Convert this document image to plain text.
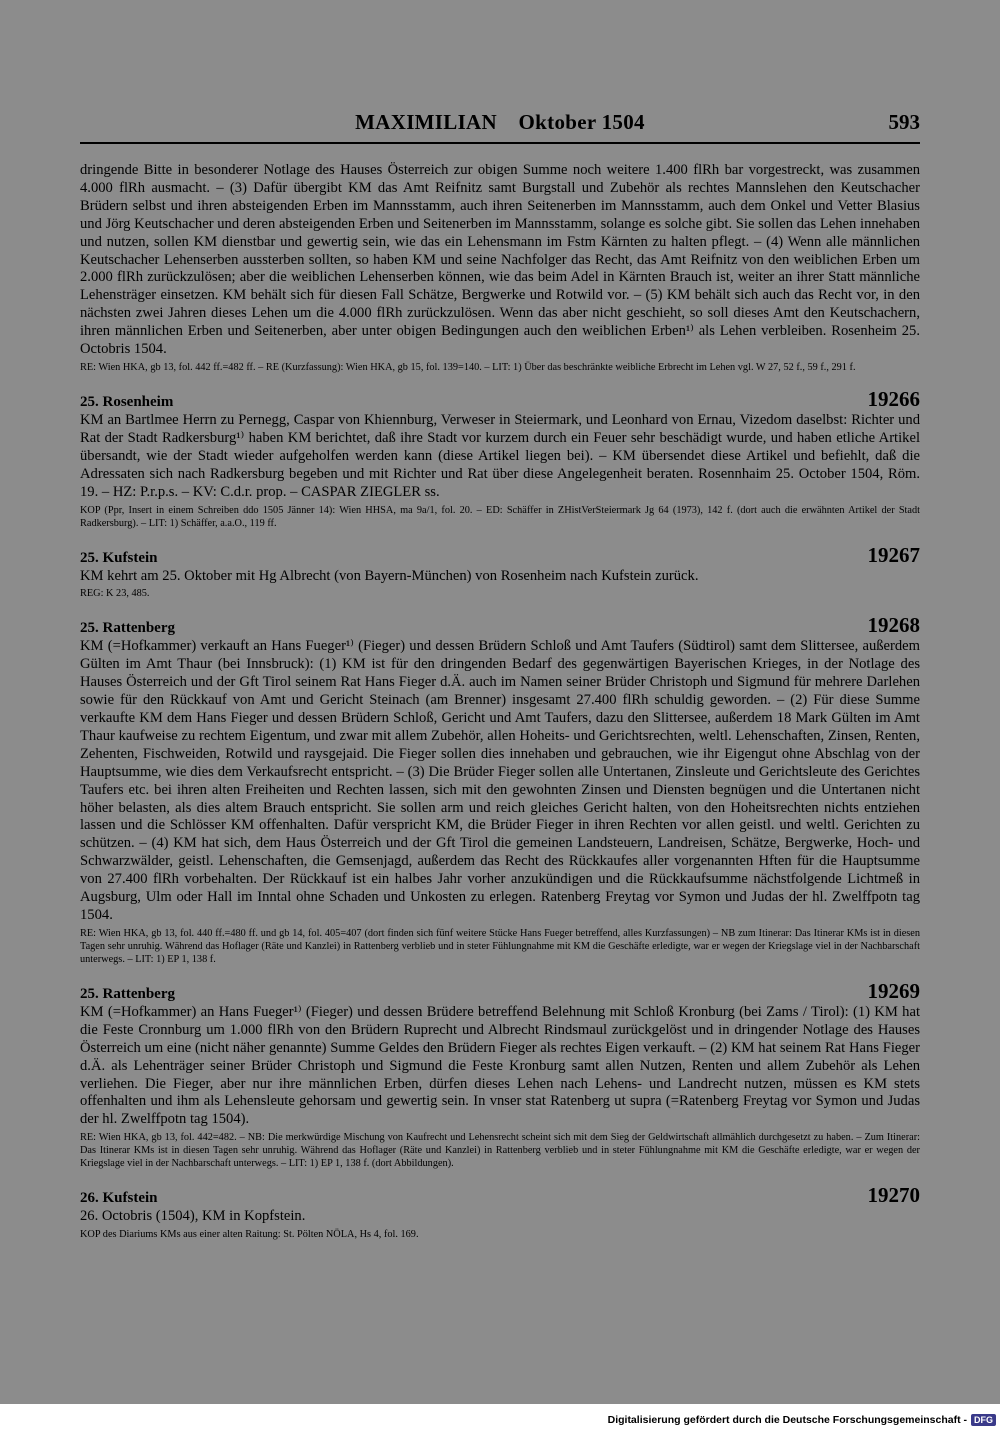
MAXIMILIAN Oktober 1504	593

dringende Bitte in besonderer Notlage des Hauses Österreich zur obigen Summe noch weitere 1.400 flRh bar vorgestreckt, was zusammen 4.000 flRh ausmacht. – (3) Dafür übergibt KM das Amt Reifnitz samt Burgstall und Zubehör als rechtes Mannslehen den Keutschacher Brüdern selbst und ihren absteigenden Erben im Mannsstamm, auch ihren Seitenerben im Mannsstamm, auch dem Onkel und Vetter Blasius und Jörg Keutschacher und deren absteigenden Erben und Seitenerben im Mannsstamm, solange es solche gibt. Sie sollen das Lehen innehaben und nutzen, sollen KM dienstbar und gewertig sein, wie das ein Lehensmann im Fstm Kärnten zu halten pflegt. – (4) Wenn alle männlichen Keutschacher Lehenserben aussterben sollten, so haben KM und seine Nachfolger das Recht, das Amt Reifnitz von den weiblichen Erben um 2.000 flRh zurückzulösen; aber die weiblichen Lehenserben können, wie das beim Adel in Kärnten Brauch ist, weiter an ihrer Statt männliche Lehensträger einsetzen. KM behält sich für diesen Fall Schätze, Bergwerke und Rotwild vor. – (5) KM behält sich auch das Recht vor, in den nächsten zwei Jahren dieses Lehen um die 4.000 flRh zurückzulösen. Wenn das aber nicht geschieht, so soll dieses Amt den Keutschachern, ihren männlichen Erben und Seitenerben, aber unter obigen Bedingungen auch den weiblichen Erben¹⁾ als Lehen verbleiben. Rosenheim 25. Octobris 1504.

RE: Wien HKA, gb 13, fol. 442 ff.=482 ff. – RE (Kurzfassung): Wien HKA, gb 15, fol. 139=140. – LIT: 1) Über das beschränkte weibliche Erbrecht im Lehen vgl. W 27, 52 f., 59 f., 291 f.

25. Rosenheim	19266

KM an Bartlmee Herrn zu Pernegg, Caspar von Khiennburg, Verweser in Steiermark, und Leonhard von Ernau, Vizedom daselbst: Richter und Rat der Stadt Radkersburg¹⁾ haben KM berichtet, daß ihre Stadt vor kurzem durch ein Feuer sehr beschädigt wurde, und haben etliche Artikel übersandt, wie der Stadt wieder aufgeholfen werden kann (diese Artikel liegen bei). – KM übersendet diese Artikel und befiehlt, daß die Adressaten sich nach Radkersburg begeben und mit Richter und Rat über diese Angelegenheit beraten. Rosennhaim 25. October 1504, Röm. 19. – HZ: P.r.p.s. – KV: C.d.r. prop. – CASPAR ZIEGLER ss.

KOP (Ppr, Insert in einem Schreiben ddo 1505 Jänner 14): Wien HHSA, ma 9a/1, fol. 20. – ED: Schäffer in ZHistVerSteiermark Jg 64 (1973), 142 f. (dort auch die erwähnten Artikel der Stadt Radkersburg). – LIT: 1) Schäffer, a.a.O., 119 ff.

25. Kufstein	19267

KM kehrt am 25. Oktober mit Hg Albrecht (von Bayern-München) von Rosenheim nach Kufstein zurück.

REG: K 23, 485.

25. Rattenberg	19268

KM (=Hofkammer) verkauft an Hans Fueger¹⁾ (Fieger) und dessen Brüdern Schloß und Amt Taufers (Südtirol) samt dem Slittersee, außerdem Gülten im Amt Thaur (bei Innsbruck): (1) KM ist für den dringenden Bedarf des gegenwärtigen Bayerischen Krieges, in der Notlage des Hauses Österreich und der Gft Tirol seinem Rat Hans Fieger d.Ä. auch im Namen seiner Brüder Christoph und Sigmund für mehrere Darlehen sowie für den Rückkauf von Amt und Gericht Steinach (am Brenner) insgesamt 27.400 flRh schuldig geworden. – (2) Für diese Summe verkaufte KM dem Hans Fieger und dessen Brüdern Schloß, Gericht und Amt Taufers, dazu den Slittersee, außerdem 18 Mark Gülten im Amt Thaur kaufweise zu rechtem Eigentum, und zwar mit allem Zubehör, allen Hoheits- und Gerichtsrechten, weltl. Lehenschaften, Zinsen, Renten, Zehenten, Fischweiden, Rotwild und raysgejaid. Die Fieger sollen dies innehaben und gebrauchen, wie ihr Eigengut ohne Abschlag von der Hauptsumme, wie dies dem Verkaufsrecht entspricht. – (3) Die Brüder Fieger sollen alle Untertanen, Zinsleute und Gerichtsleute des Gerichtes Taufers etc. bei ihren alten Freiheiten und Rechten lassen, sich mit den gewohnten Zinsen und Diensten begnügen und die Untertanen nicht höher belasten, als dies altem Brauch entspricht. Sie sollen arm und reich gleiches Gericht halten, von den Hoheitsrechten nichts entziehen lassen und die Schlösser KM offenhalten. Dafür verspricht KM, die Brüder Fieger in ihren Rechten vor allen geistl. und weltl. Gerichten zu schützen. – (4) KM hat sich, dem Haus Österreich und der Gft Tirol die gemeinen Landsteuern, Landreisen, Schätze, Bergwerke, Hoch- und Schwarzwälder, geistl. Lehenschaften, die Gemsenjagd, außerdem das Recht des Rückkaufes aller vorgenannten Hften für die Hauptsumme von 27.400 flRh vorbehalten. Der Rückkauf ist ein halbes Jahr vorher anzukündigen und die Rückkaufsumme nächstfolgende Lichtmeß in Augsburg, Ulm oder Hall im Inntal ohne Schaden und Unkosten zu erlegen. Ratenberg Freytag vor Symon und Judas der hl. Zwelffpotn tag 1504.

RE: Wien HKA, gb 13, fol. 440 ff.=480 ff. und gb 14, fol. 405=407 (dort finden sich fünf weitere Stücke Hans Fueger betreffend, alles Kurzfassungen) – NB zum Itinerar: Das Itinerar KMs ist in diesen Tagen sehr unruhig. Während das Hoflager (Räte und Kanzlei) in Rattenberg verblieb und in steter Fühlungnahme mit KM die Geschäfte erledigte, war er wegen der Kriegslage viel in der Nachbarschaft unterwegs. – LIT: 1) EP 1, 138 f.

25. Rattenberg	19269

KM (=Hofkammer) an Hans Fueger¹⁾ (Fieger) und dessen Brüdere betreffend Belehnung mit Schloß Kronburg (bei Zams / Tirol): (1) KM hat die Feste Cronnburg um 1.000 flRh von den Brüdern Ruprecht und Albrecht Rindsmaul zurückgelöst und in dringender Notlage des Hauses Österreich um eine (nicht näher genannte) Summe Geldes den Brüdern Fieger als rechtes Eigen verkauft. – (2) KM hat seinem Rat Hans Fieger d.Ä. als Lehenträger seiner Brüder Christoph und Sigmund die Feste Kronburg samt allen Nutzen, Renten und allem Zubehör als Lehen verliehen. Die Fieger, aber nur ihre männlichen Erben, dürfen dieses Lehen nach Lehens- und Landrecht nutzen, müssen es KM stets offenhalten und ihm als Lehensleute gehorsam und gewertig sein. In vnser stat Ratenberg ut supra (=Ratenberg Freytag vor Symon und Judas der hl. Zwelffpotn tag 1504).

RE: Wien HKA, gb 13, fol. 442=482. – NB: Die merkwürdige Mischung von Kaufrecht und Lehensrecht scheint sich mit dem Sieg der Geldwirtschaft allmählich durchgesetzt zu haben. – Zum Itinerar: Das Itinerar KMs ist in diesen Tagen sehr unruhig. Während das Hoflager (Räte und Kanzlei) in Rattenberg verblieb und in steter Fühlungnahme mit KM die Geschäfte erledigte, war er wegen der Kriegslage viel in der Nachbarschaft unterwegs. – LIT: 1) EP 1, 138 f. (dort Abbildungen).

26. Kufstein	19270

26. Octobris (1504), KM in Kopfstein.

KOP des Diariums KMs aus einer alten Raitung: St. Pölten NÖLA, Hs 4, fol. 169.

Digitalisierung gefördert durch die Deutsche Forschungsgemeinschaft - DFG
